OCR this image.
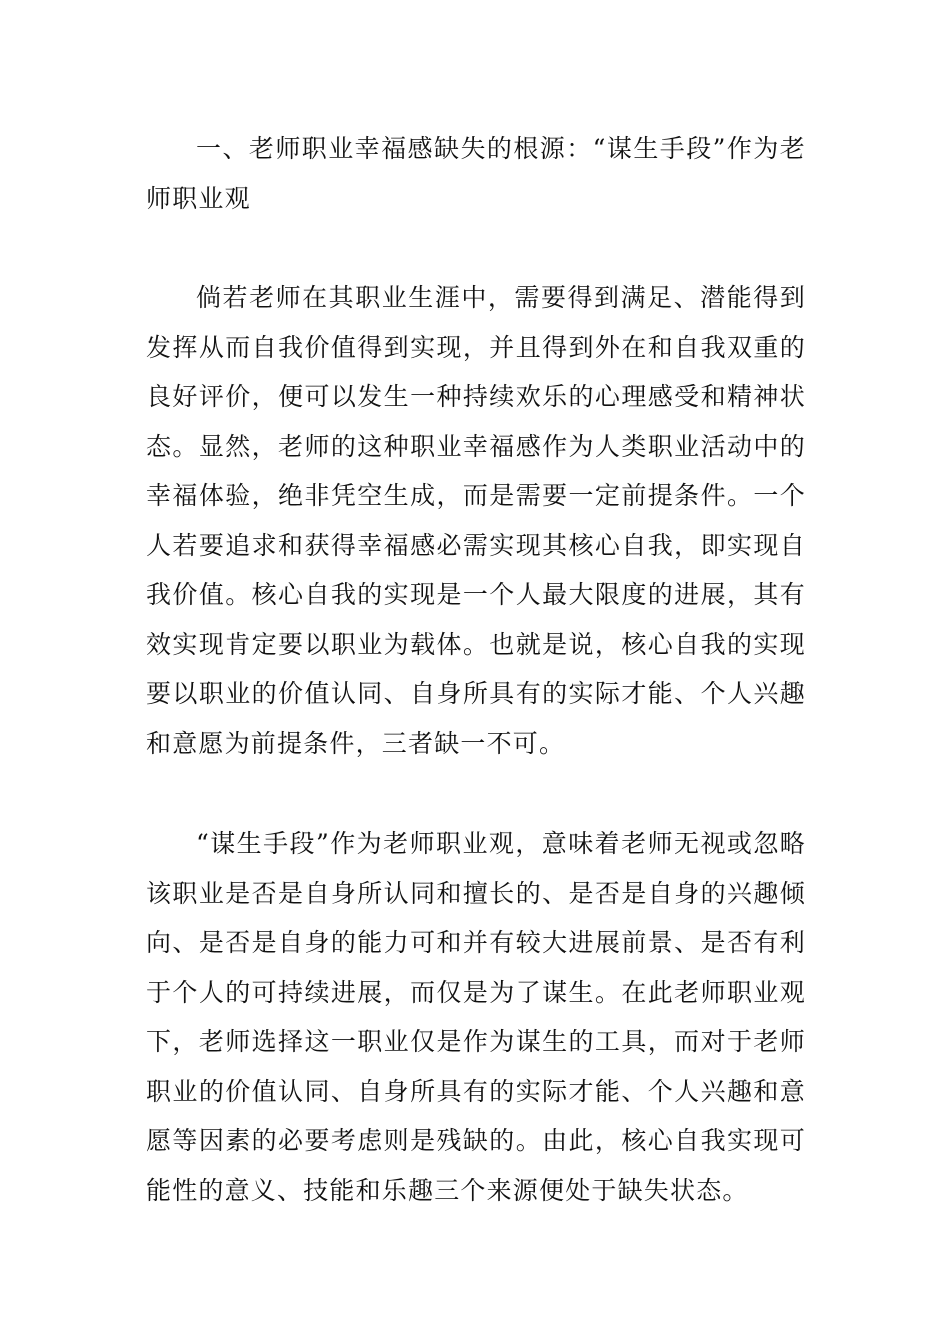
一、老师职业幸福感缺失的根源：“谋生手段”作为老师职业观

倘若老师在其职业生涯中，需要得到满足、潜能得到发挥从而自我价值得到实现，并且得到外在和自我双重的良好评价，便可以发生一种持续欢乐的心理感受和精神状态。显然，老师的这种职业幸福感作为人类职业活动中的幸福体验，绝非凭空生成，而是需要一定前提条件。一个人若要追求和获得幸福感必需实现其核心自我，即实现自我价值。核心自我的实现是一个人最大限度的进展，其有效实现肯定要以职业为载体。也就是说，核心自我的实现要以职业的价值认同、自身所具有的实际才能、个人兴趣和意愿为前提条件，三者缺一不可。

“谋生手段”作为老师职业观，意味着老师无视或忽略该职业是否是自身所认同和擅长的、是否是自身的兴趣倾向、是否是自身的能力可和并有较大进展前景、是否有利于个人的可持续进展，而仅是为了谋生。在此老师职业观下，老师选择这一职业仅是作为谋生的工具，而对于老师职业的价值认同、自身所具有的实际才能、个人兴趣和意愿等因素的必要考虑则是残缺的。由此，核心自我实现可能性的意义、技能和乐趣三个来源便处于缺失状态。
